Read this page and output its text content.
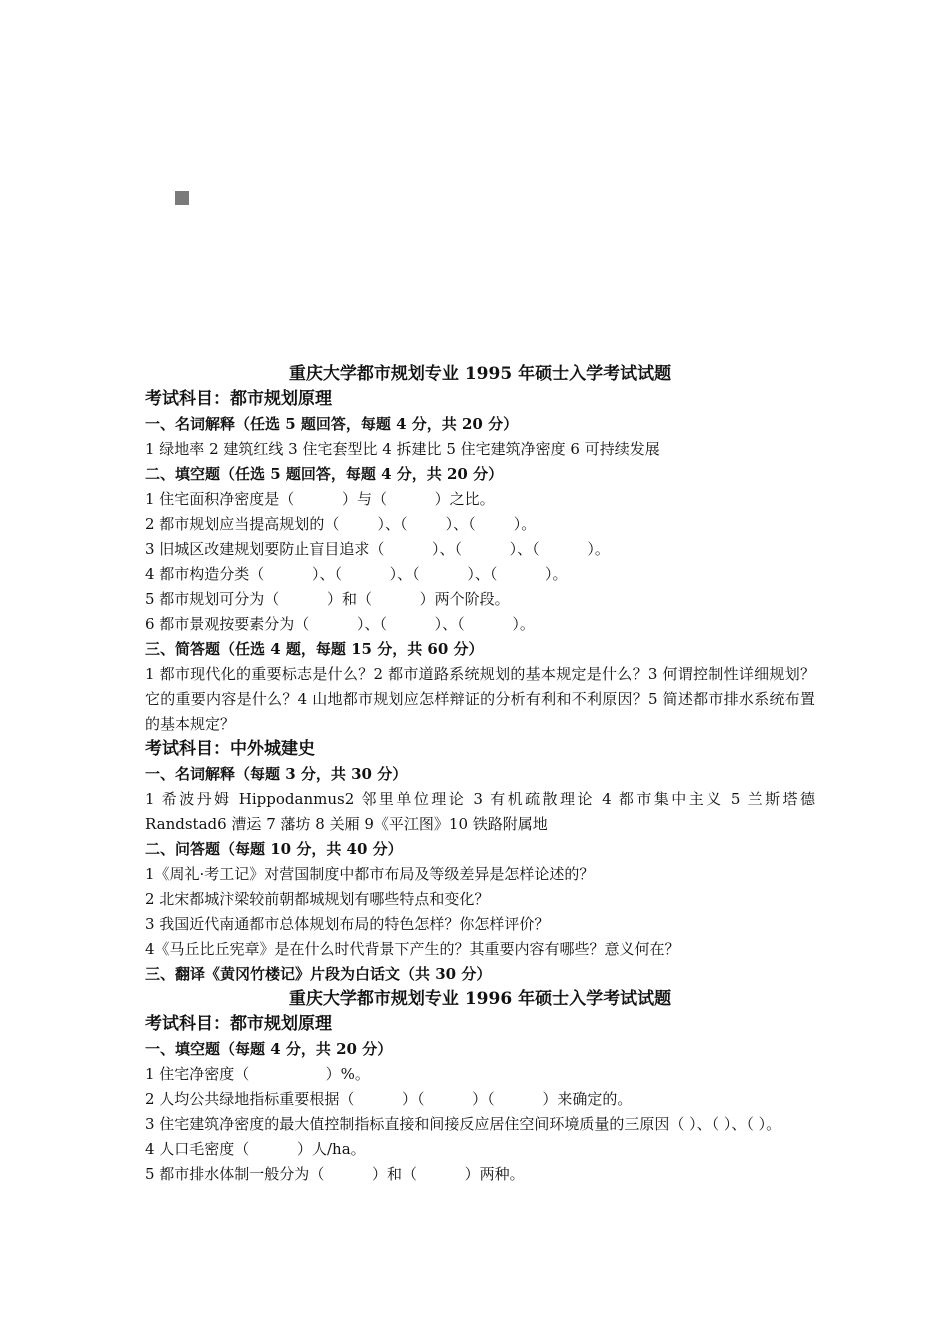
重庆大学都市规划专业 1995 年硕士入学考试试题

考试科目：都市规划原理

一、名词解释（任选 5 题回答，每题 4 分，共 20 分）

1 绿地率 2 建筑红线 3 住宅套型比 4 拆建比 5 住宅建筑净密度 6 可持续发展

二、填空题（任选 5 题回答，每题 4 分，共 20 分）

1 住宅面积净密度是（          ）与（          ）之比。

2 都市规划应当提高规划的（        ）、（        ）、（        ）。

3 旧城区改建规划要防止盲目追求（          ）、（          ）、（          ）。

4 都市构造分类（          ）、（          ）、（          ）、（          ）。

5 都市规划可分为（          ）和（          ）两个阶段。

6 都市景观按要素分为（          ）、（          ）、（          ）。

三、简答题（任选 4 题，每题 15 分，共 60 分）

1 都市现代化的重要标志是什么？2 都市道路系统规划的基本规定是什么？3 何谓控制性详细规划？它的重要内容是什么？4 山地都市规划应怎样辩证的分析有利和不利原因？5 简述都市排水系统布置的基本规定？

考试科目：中外城建史

一、名词解释（每题 3 分，共 30 分）

1 希波丹姆 Hippodanmus2 邻里单位理论 3 有机疏散理论 4 都市集中主义 5 兰斯塔德 Randstad6 漕运 7 藩坊 8 关厢 9《平江图》10 铁路附属地

二、问答题（每题 10 分，共 40 分）

1《周礼·考工记》对营国制度中都市布局及等级差异是怎样论述的？

2 北宋都城汴梁较前朝都城规划有哪些特点和变化？

3 我国近代南通都市总体规划布局的特色怎样？你怎样评价？

4《马丘比丘宪章》是在什么时代背景下产生的？其重要内容有哪些？意义何在？

三、翻译《黄冈竹楼记》片段为白话文（共 30 分）

重庆大学都市规划专业 1996 年硕士入学考试试题

考试科目：都市规划原理

一、填空题（每题 4 分，共 20 分）

1 住宅净密度（                ）%。

2 人均公共绿地指标重要根据（          ）（          ）（          ）来确定的。

3 住宅建筑净密度的最大值控制指标直接和间接反应居住空间环境质量的三原因（ ）、（ ）、（ ）。

4 人口毛密度（          ）人/ha。

5 都市排水体制一般分为（          ）和（          ）两种。
